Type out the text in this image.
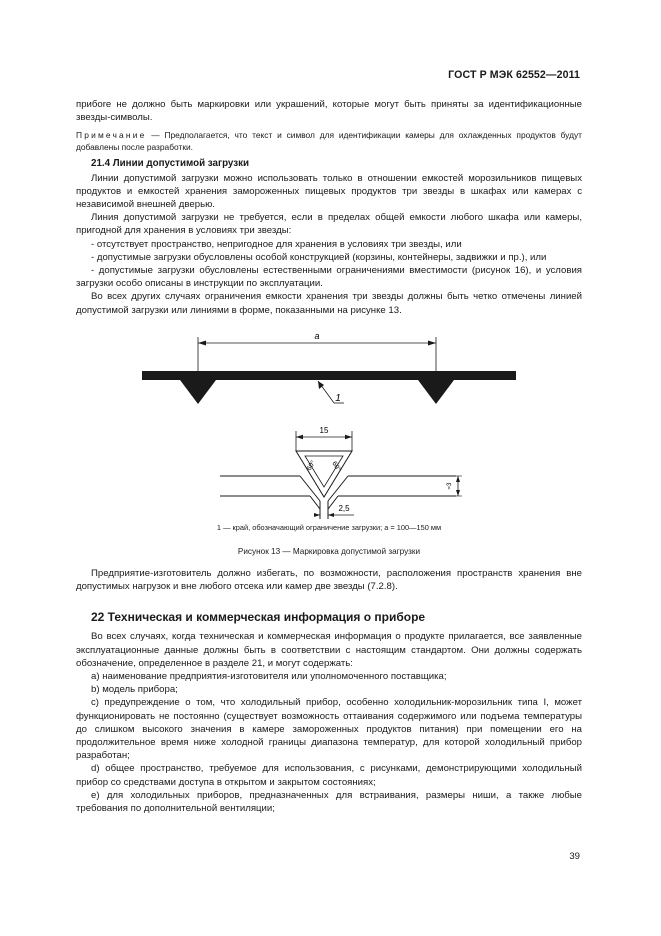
ГОСТ Р МЭК 62552—2011

прибore не должно быть маркировки или украшений, которые могут быть приняты за идентификационные звезды-символы.

Примечание — Предполагается, что текст и символ для идентификации камеры для охлажденных продуктов будут добавлены после разработки.

21.4 Линии допустимой загрузки

Линии допустимой загрузки можно использовать только в отношении емкостей морозильников пищевых продуктов и емкостей хранения замороженных пищевых продуктов три звезды в шкафах или камерах с независимой внешней дверью.

Линия допустимой загрузки не требуется, если в пределах общей емкости любого шкафа или камеры, пригодной для хранения в условиях три звезды:

- отсутствует пространство, непригодное для хранения в условиях три звезды, или

- допустимые загрузки обусловлены особой конструкцией (корзины, контейнеры, задвижки и пр.), или

- допустимые загрузки обусловлены естественными ограничениями вместимости (рисунок 16), и условия загрузки особо описаны в инструкции по эксплуатации.

Во всех других случаях ограничения емкости хранения три звезды должны быть четко отмечены линией допустимой загрузки или линиями в форме, показанными на рисунке 13.

a
1
15
60° 60°
≈3
2,5
1 — край, обозначающий ограничение загрузки; a = 100—150 мм
Рисунок 13 — Маркировка допустимой загрузки

Предприятие-изготовитель должно избегать, по возможности, расположения пространств хранения вне допустимых нагрузок и вне любого отсека или камер две звезды (7.2.8).

22 Техническая и коммерческая информация о приборе

Во всех случаях, когда техническая и коммерческая информация о продукте прилагается, все заявленные эксплуатационные данные должны быть в соответствии с настоящим стандартом. Они должны содержать обозначение, определенное в разделе 21, и могут содержать:

а) наименование предприятия-изготовителя или уполномоченного поставщика;

b) модель прибора;

с) предупреждение о том, что холодильный прибор, особенно холодильник-морозильник типа I, может функционировать не постоянно (существует возможность оттаивания содержимого или подъема температуры до слишком высокого значения в камере замороженных продуктов питания) при помещении его на продолжительное время ниже холодной границы диапазона температур, для которой холодильный прибор разработан;

d) общее пространство, требуемое для использования, с рисунками, демонстрирующими холодильный прибор со средствами доступа в открытом и закрытом состояниях;

е) для холодильных приборов, предназначенных для встраивания, размеры ниши, а также любые требования по дополнительной вентиляции;

39
